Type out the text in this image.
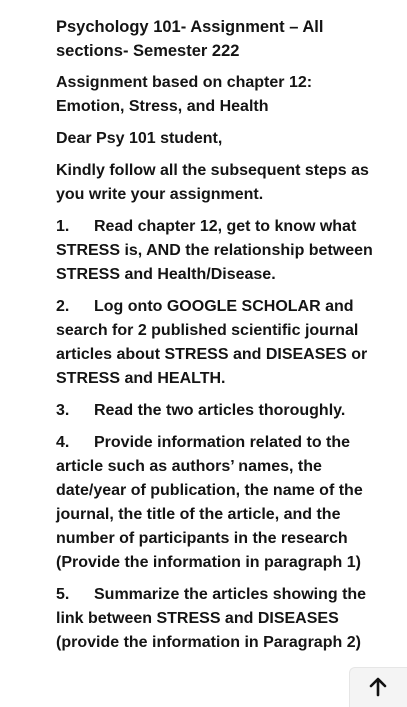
Psychology 101- Assignment – All sections- Semester 222
Assignment based on chapter 12: Emotion, Stress, and Health
Dear Psy 101 student,
Kindly follow all the subsequent steps as you write your assignment.
1. Read chapter 12, get to know what STRESS is, AND the relationship between STRESS and Health/Disease.
2. Log onto GOOGLE SCHOLAR and search for 2 published scientific journal articles about STRESS and DISEASES or STRESS and HEALTH.
3. Read the two articles thoroughly.
4. Provide information related to the article such as authors’ names, the date/year of publication, the name of the journal, the title of the article, and the number of participants in the research (Provide the information in paragraph 1)
5. Summarize the articles showing the link between STRESS and DISEASES (provide the information in Paragraph 2)
